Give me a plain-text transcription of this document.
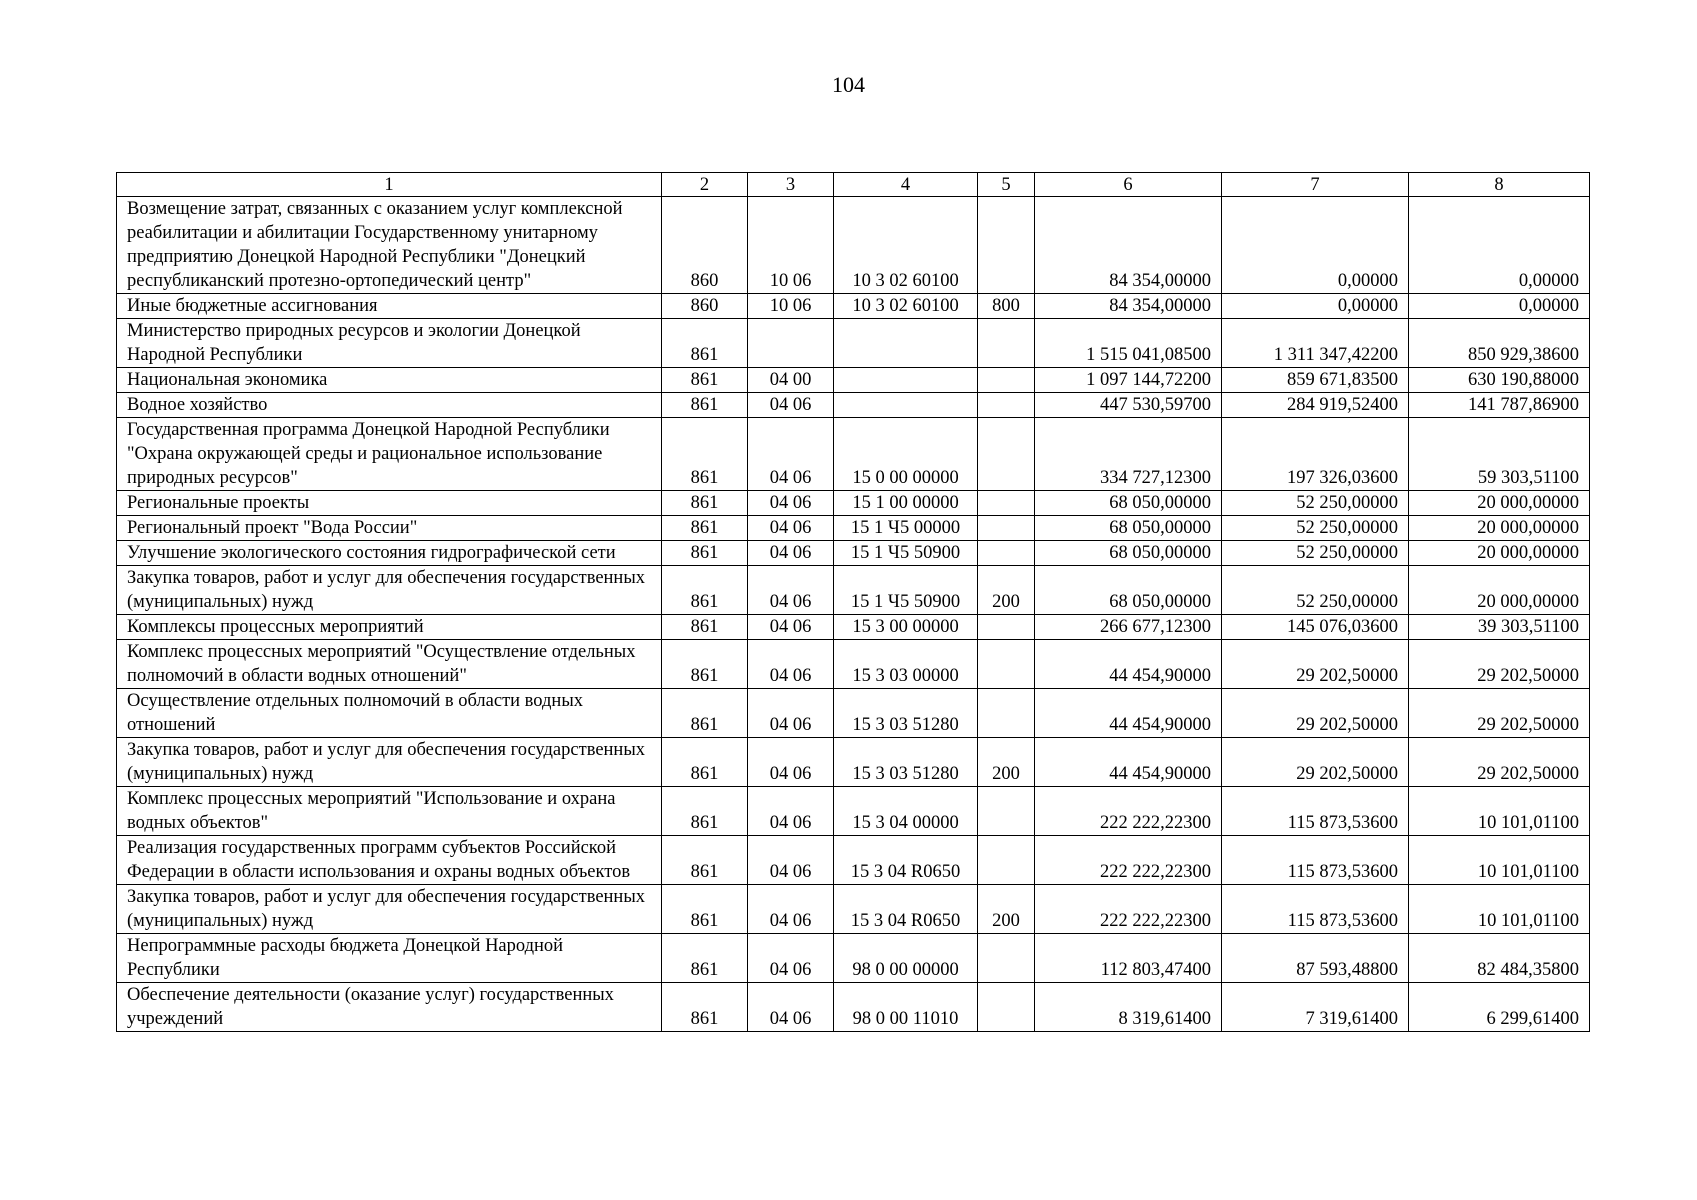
104
1	2	3	4	5	6	7	8
Возмещение затрат, связанных с оказанием услуг комплексной реабилитации и абилитации Государственному унитарному предприятию Донецкой Народной Республики "Донецкий республиканский протезно-ортопедический центр"	860	10 06	10 3 02 60100		84 354,00000	0,00000	0,00000
Иные бюджетные ассигнования	860	10 06	10 3 02 60100	800	84 354,00000	0,00000	0,00000
Министерство природных ресурсов и экологии Донецкой Народной Республики	861				1 515 041,08500	1 311 347,42200	850 929,38600
Национальная экономика	861	04 00			1 097 144,72200	859 671,83500	630 190,88000
Водное хозяйство	861	04 06			447 530,59700	284 919,52400	141 787,86900
Государственная программа Донецкой Народной Республики "Охрана окружающей среды и рациональное использование природных ресурсов"	861	04 06	15 0 00 00000		334 727,12300	197 326,03600	59 303,51100
Региональные проекты	861	04 06	15 1 00 00000		68 050,00000	52 250,00000	20 000,00000
Региональный проект "Вода России"	861	04 06	15 1 Ч5 00000		68 050,00000	52 250,00000	20 000,00000
Улучшение экологического состояния гидрографической сети	861	04 06	15 1 Ч5 50900		68 050,00000	52 250,00000	20 000,00000
Закупка товаров, работ и услуг для обеспечения государственных (муниципальных) нужд	861	04 06	15 1 Ч5 50900	200	68 050,00000	52 250,00000	20 000,00000
Комплексы процессных мероприятий	861	04 06	15 3 00 00000		266 677,12300	145 076,03600	39 303,51100
Комплекс процессных мероприятий "Осуществление отдельных полномочий в области водных отношений"	861	04 06	15 3 03 00000		44 454,90000	29 202,50000	29 202,50000
Осуществление отдельных полномочий в области водных отношений	861	04 06	15 3 03 51280		44 454,90000	29 202,50000	29 202,50000
Закупка товаров, работ и услуг для обеспечения государственных (муниципальных) нужд	861	04 06	15 3 03 51280	200	44 454,90000	29 202,50000	29 202,50000
Комплекс процессных мероприятий "Использование и охрана водных объектов"	861	04 06	15 3 04 00000		222 222,22300	115 873,53600	10 101,01100
Реализация государственных программ субъектов Российской Федерации в области использования и охраны водных объектов	861	04 06	15 3 04 R0650		222 222,22300	115 873,53600	10 101,01100
Закупка товаров, работ и услуг для обеспечения государственных (муниципальных) нужд	861	04 06	15 3 04 R0650	200	222 222,22300	115 873,53600	10 101,01100
Непрограммные расходы бюджета Донецкой Народной Республики	861	04 06	98 0 00 00000		112 803,47400	87 593,48800	82 484,35800
Обеспечение деятельности (оказание услуг) государственных учреждений	861	04 06	98 0 00 11010		8 319,61400	7 319,61400	6 299,61400
